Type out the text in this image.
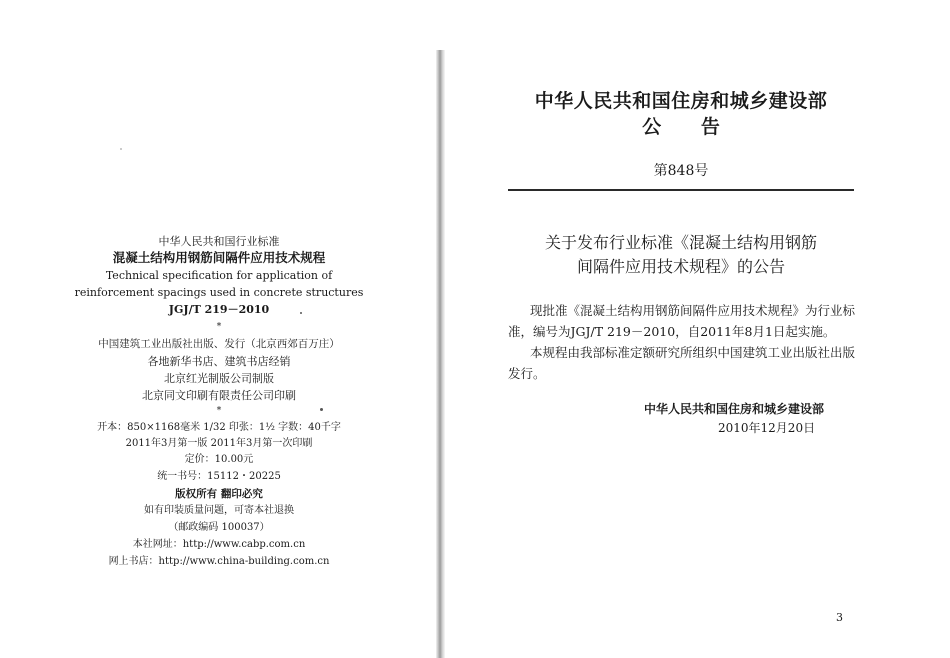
中华人民共和国行业标准
混凝土结构用钢筋间隔件应用技术规程
Technical specification for application of
reinforcement spacings used in concrete structures
JGJ/T 219－2010
*
中国建筑工业出版社出版、发行（北京西郊百万庄）
各地新华书店、建筑书店经销
北京红光制版公司制版
北京同文印刷有限责任公司印刷
*
开本：850×1168毫米 1/32 印张：1½ 字数：40千字
2011年3月第一版 2011年3月第一次印刷
定价：10.00元
统一书号：15112・20225
版权所有 翻印必究
如有印装质量问题，可寄本社退换
（邮政编码 100037）
本社网址：http://www.cabp.com.cn
网上书店：http://www.china-building.com.cn
中华人民共和国住房和城乡建设部
公      告
第848号
关于发布行业标准《混凝土结构用钢筋
间隔件应用技术规程》的公告
现批准《混凝土结构用钢筋间隔件应用技术规程》为行业标
准，编号为JGJ/T 219－2010，自2011年8月1日起实施。
本规程由我部标准定额研究所组织中国建筑工业出版社出版
发行。
中华人民共和国住房和城乡建设部
2010年12月20日
3
